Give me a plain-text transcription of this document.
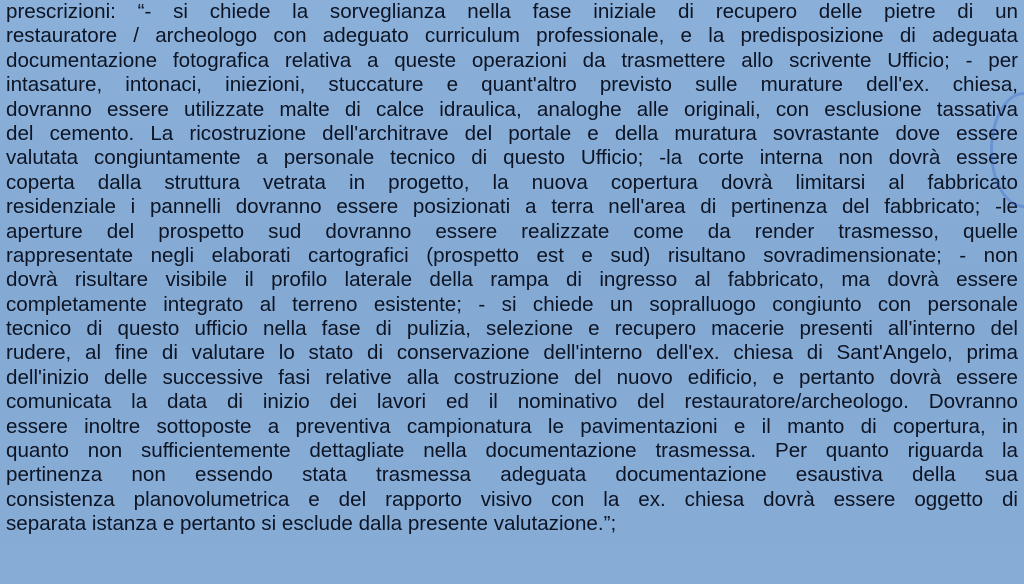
prescrizioni: “- si chiede la sorveglianza nella fase iniziale di recupero delle pietre di un
restauratore / archeologo con adeguato curriculum professionale, e la predisposizione di adeguata
documentazione fotografica relativa a queste operazioni da trasmettere allo scrivente Ufficio; - per
intasature, intonaci, iniezioni, stuccature e quant'altro previsto sulle murature dell'ex. chiesa,
dovranno essere utilizzate malte di calce idraulica, analoghe alle originali, con esclusione tassativa
del cemento. La ricostruzione dell'architrave del portale e della muratura sovrastante dove essere
valutata congiuntamente a personale tecnico di questo Ufficio; -la corte interna non dovrà essere
coperta dalla struttura vetrata in progetto, la nuova copertura dovrà limitarsi al fabbricato
residenziale i pannelli dovranno essere posizionati a terra nell'area di pertinenza del fabbricato; -le
aperture del prospetto sud dovranno essere realizzate come da render trasmesso, quelle
rappresentate negli elaborati cartografici (prospetto est e sud) risultano sovradimensionate; - non
dovrà risultare visibile il profilo laterale della rampa di ingresso al fabbricato, ma dovrà essere
completamente integrato al terreno esistente; - si chiede un sopralluogo congiunto con personale
tecnico di questo ufficio nella fase di pulizia, selezione e recupero macerie presenti all'interno del
rudere, al fine di valutare lo stato di conservazione dell'interno dell'ex. chiesa di Sant'Angelo, prima
dell'inizio delle successive fasi relative alla costruzione del nuovo edificio, e pertanto dovrà essere
comunicata la data di inizio dei lavori ed il nominativo del restauratore/archeologo. Dovranno
essere inoltre sottoposte a preventiva campionatura le pavimentazioni e il manto di copertura, in
quanto non sufficientemente dettagliate nella documentazione trasmessa. Per quanto riguarda la
pertinenza non essendo stata trasmessa adeguata documentazione esaustiva della sua
consistenza planovolumetrica e del rapporto visivo con la ex. chiesa dovrà essere oggetto di
separata istanza e pertanto si esclude dalla presente valutazione.”;
